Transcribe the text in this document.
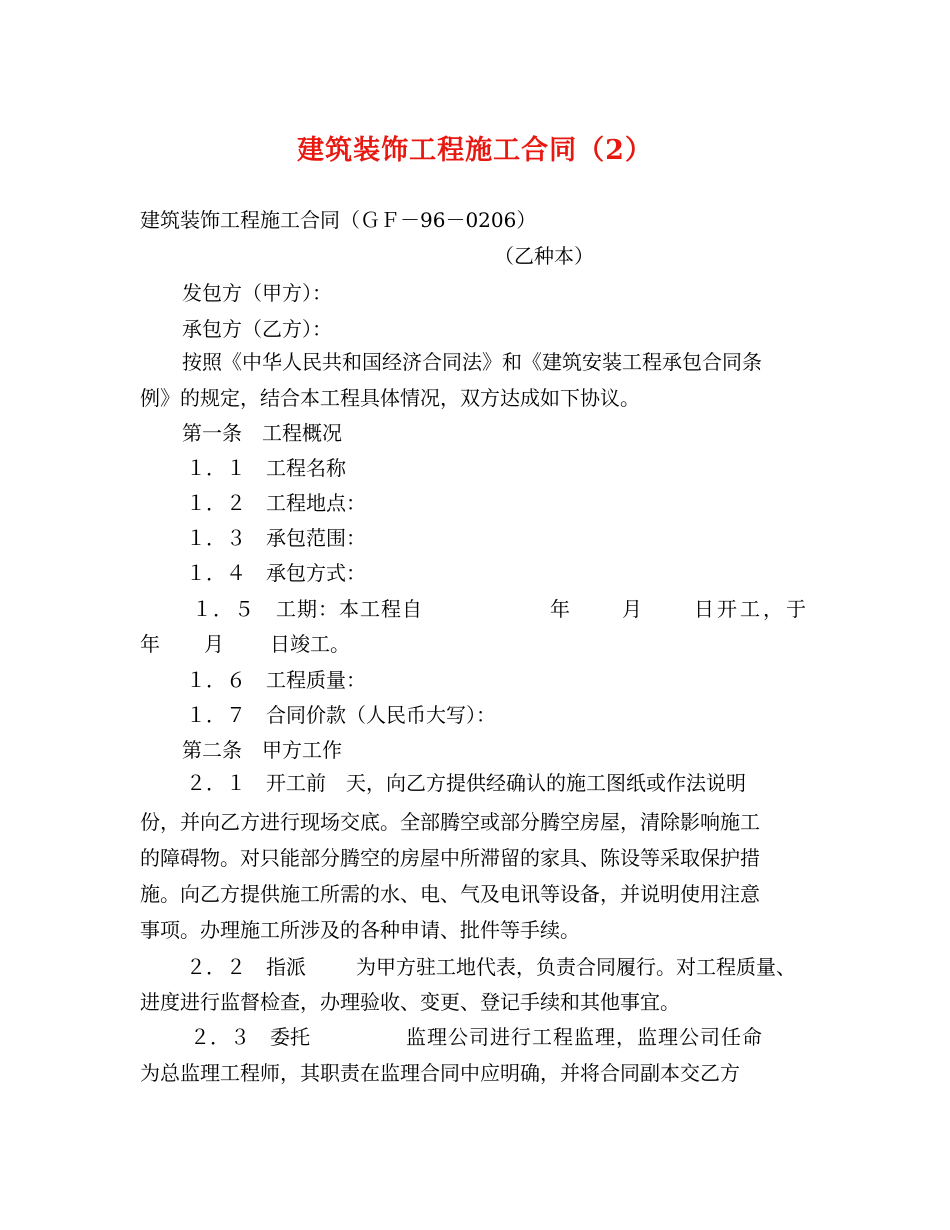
建筑装饰工程施工合同（2）
建筑装饰工程施工合同（ＧＦ－96－0206）
（乙种本）
发包方（甲方）：
承包方（乙方）：
按照《中华人民共和国经济合同法》和《建筑安装工程承包合同条
例》的规定，结合本工程具体情况，双方达成如下协议。
第一条　工程概况
１．１　工程名称
１．２　工程地点：
１．３　承包范围：
１．４　承包方式：
１．５　工期：本工程自	年	月	日开工，于
年 月 日竣工。
１．６　工程质量：
１．７　合同价款（人民币大写）：
第二条　甲方工作
２．１　开工前　天，向乙方提供经确认的施工图纸或作法说明
份，并向乙方进行现场交底。全部腾空或部分腾空房屋，清除影响施工
的障碍物。对只能部分腾空的房屋中所滞留的家具、陈设等采取保护措
施。向乙方提供施工所需的水、电、气及电讯等设备，并说明使用注意
事项。办理施工所涉及的各种申请、批件等手续。
２．２　指派	为甲方驻工地代表，负责合同履行。对工程质量、
进度进行监督检查，办理验收、变更、登记手续和其他事宜。
２．３　委托	监理公司进行工程监理，监理公司任命
为总监理工程师，其职责在监理合同中应明确，并将合同副本交乙方
